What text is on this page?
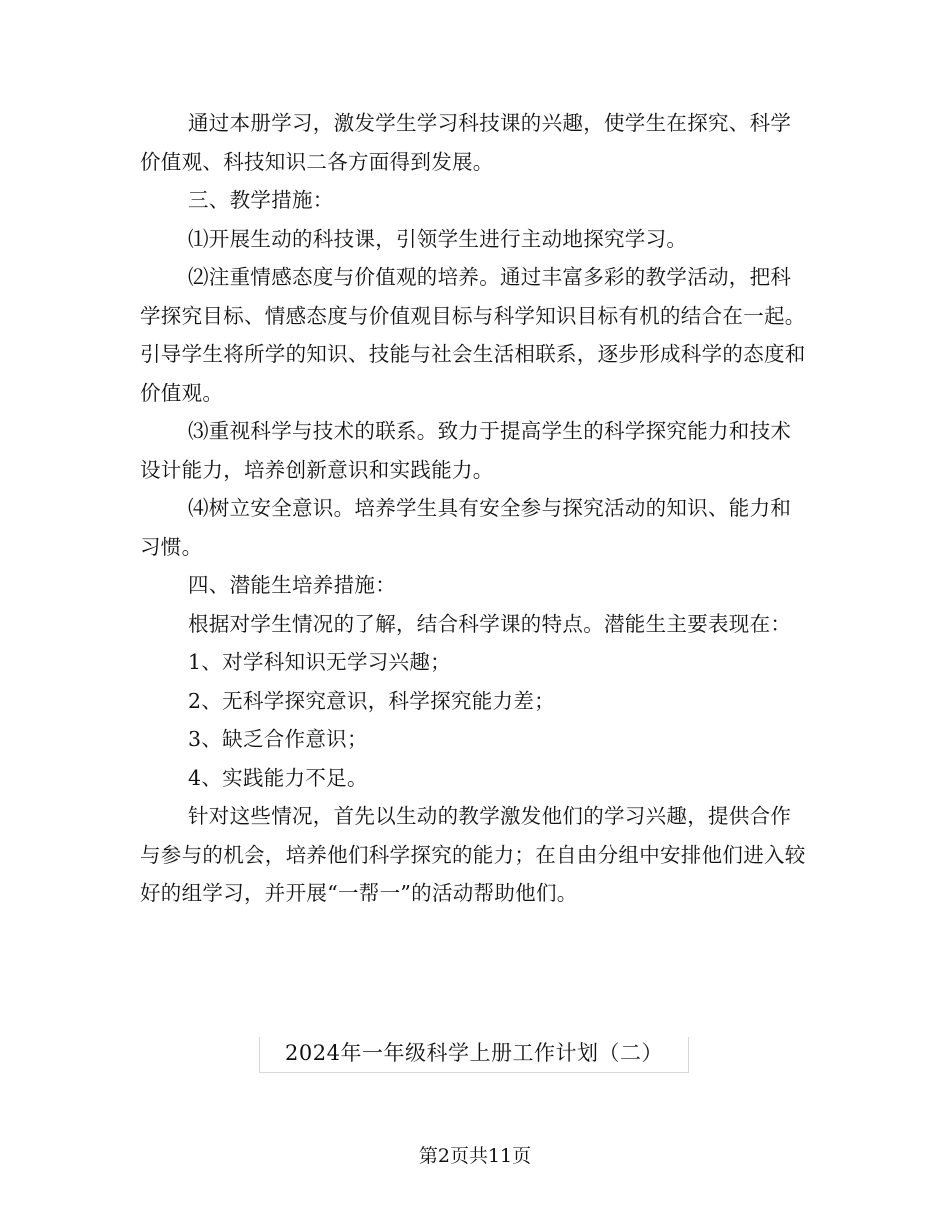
通过本册学习，激发学生学习科技课的兴趣，使学生在探究、科学价值观、科技知识二各方面得到发展。

三、教学措施：

⑴开展生动的科技课，引领学生进行主动地探究学习。

⑵注重情感态度与价值观的培养。通过丰富多彩的教学活动，把科学探究目标、情感态度与价值观目标与科学知识目标有机的结合在一起。引导学生将所学的知识、技能与社会生活相联系，逐步形成科学的态度和价值观。

⑶重视科学与技术的联系。致力于提高学生的科学探究能力和技术设计能力，培养创新意识和实践能力。

⑷树立安全意识。培养学生具有安全参与探究活动的知识、能力和习惯。

四、潜能生培养措施：

根据对学生情况的了解，结合科学课的特点。潜能生主要表现在：

1、对学科知识无学习兴趣；

2、无科学探究意识，科学探究能力差；

3、缺乏合作意识；

4、实践能力不足。

针对这些情况，首先以生动的教学激发他们的学习兴趣，提供合作与参与的机会，培养他们科学探究的能力；在自由分组中安排他们进入较好的组学习，并开展“一帮一”的活动帮助他们。

2024年一年级科学上册工作计划（二）
第2页共11页
